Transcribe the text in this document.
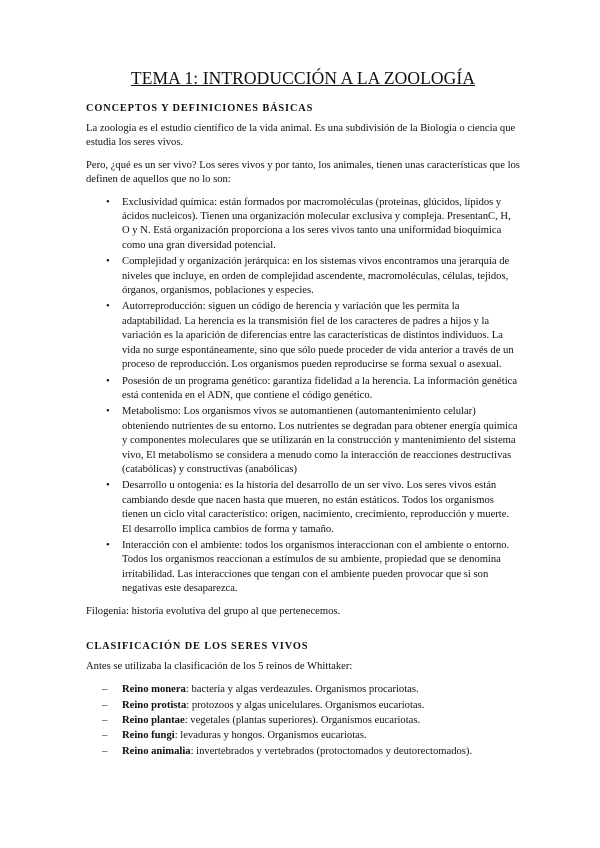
TEMA 1: INTRODUCCIÓN A LA ZOOLOGÍA
CONCEPTOS Y DEFINICIONES BÁSICAS

La zoología es el estudio científico de la vida animal. Es una subdivisión de la Biología o ciencia que estudia los seres vivos.

Pero, ¿qué es un ser vivo? Los seres vivos y por tanto, los animales, tienen unas características que los definen de aquellos que no lo son:

• Exclusividad química: están formados por macromoléculas (proteínas, glúcidos, lípidos y ácidos nucleicos). Tienen una organización molecular exclusiva y compleja. PresentanC, H, O y N. Está organización proporciona a los seres vivos tanto una uniformidad bioquímica como una gran diversidad potencial.
• Complejidad y organización jerárquica: en los sistemas vivos encontramos una jerarquía de niveles que incluye, en orden de complejidad ascendente, macromoléculas, células, tejidos, órganos, organismos, poblaciones y especies.
• Autorreproducción: siguen un código de herencia y variación que les permita la adaptabilidad. La herencia es la transmisión fiel de los caracteres de padres a hijos y la variación es la aparición de diferencias entre las características de distintos individuos. La vida no surge espontáneamente, sino que sólo puede proceder de vida anterior a través de un proceso de reproducción. Los organismos pueden reproducirse se forma sexual o asexual.
• Posesión de un programa genético: garantiza fidelidad a la herencia. La información genética está contenida en el ADN, que contiene el código genético.
• Metabolismo: Los organismos vivos se automantienen (automantenimiento celular) obteniendo nutrientes de su entorno. Los nutrientes se degradan para obtener energía química y componentes moleculares que se utilizarán en la construcción y mantenimiento del sistema vivo, El metabolismo se considera a menudo como la interacción de reacciones destructivas (catabólicas) y constructivas (anabólicas)
• Desarrollo u ontogenia: es la historia del desarrollo de un ser vivo. Los seres vivos están cambiando desde que nacen hasta que mueren, no están estáticos. Todos los organismos tienen un ciclo vital característico: origen, nacimiento, crecimiento, reproducción y muerte. El desarrollo implica cambios de forma y tamaño.
• Interacción con el ambiente: todos los organismos interaccionan con el ambiente o entorno. Todos los organismos reaccionan a estímulos de su ambiente, propiedad que se denomina irritabilidad. Las interacciones que tengan con el ambiente pueden provocar que si son negativas este desaparezca.

Filogenia: historia evolutiva del grupo al que pertenecemos.

CLASIFICACIÓN DE LOS SERES VIVOS

Antes se utilizaba la clasificación de los 5 reinos de Whittaker:

– Reino monera: bacteria y algas verdeazules. Organismos procariotas.
– Reino protista: protozoos y algas unicelulares. Organismos eucariotas.
– Reino plantae: vegetales (plantas superiores). Organismos eucariotas.
– Reino fungi: levaduras y hongos. Organismos eucariotas.
– Reino animalia: invertebrados y vertebrados (protoctomados y deutorectomados).
